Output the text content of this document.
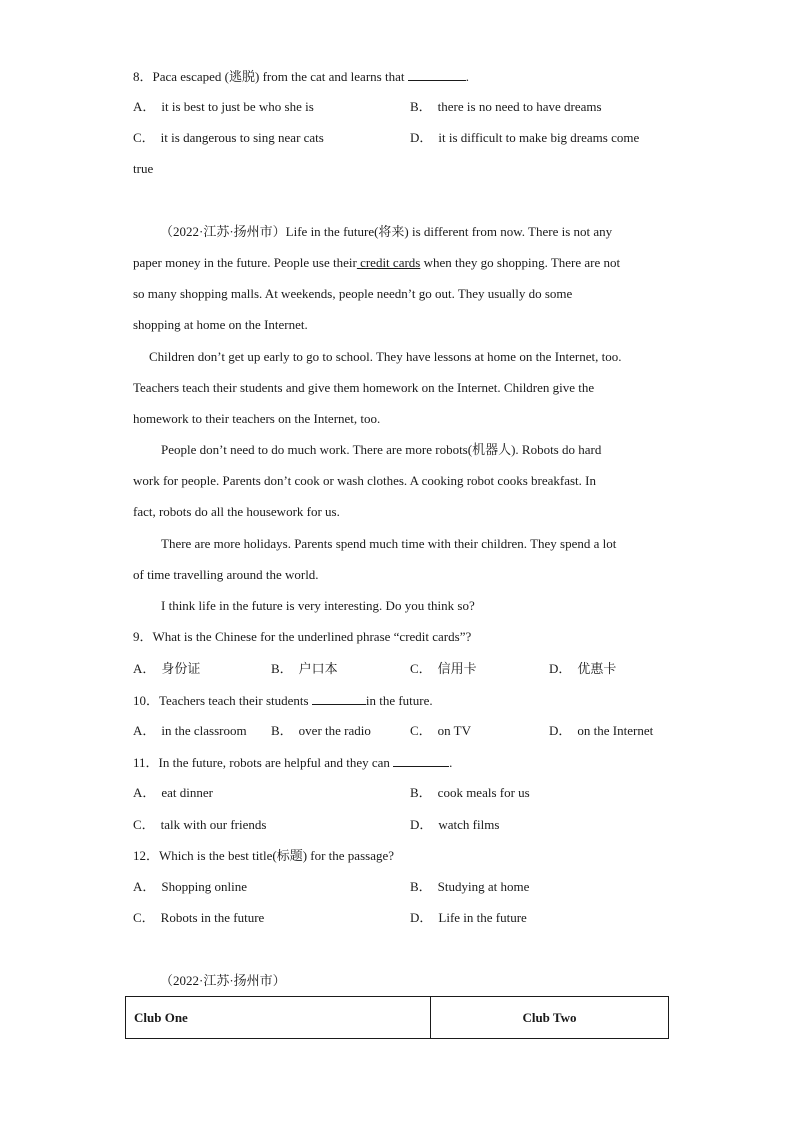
8．Paca escaped (逃脱) from the cat and learns that	.
A． it is best to just be who she is	B． there is no need to have dreams
C． it is dangerous to sing near cats	D． it is difficult to make big dreams come
true
（2022·江苏·扬州市）Life in the future(将来) is different from now. There is not any
paper money in the future. People use their credit cards when they go shopping. There are not
so many shopping malls. At weekends, people needn’t go out. They usually do some
shopping at home on the Internet.
Children don’t get up early to go to school. They have lessons at home on the Internet, too.
Teachers teach their students and give them homework on the Internet. Children give the
homework to their teachers on the Internet, too.
People don’t need to do much work. There are more robots(机器人). Robots do hard
work for people. Parents don’t cook or wash clothes. A cooking robot cooks breakfast. In
fact, robots do all the housework for us.
There are more holidays. Parents spend much time with their children. They spend a lot
of time travelling around the world.
I think life in the future is very interesting. Do you think so?
9．What is the Chinese for the underlined phrase “credit cards”?
A． 身份证	B． 户口本	C． 信用卡	D． 优惠卡
10．Teachers teach their students	in the future.
A． in the classroom B． over the radio	C． on TV	D． on the Internet
11．In the future, robots are helpful and they can	.
A． eat dinner	B． cook meals for us
C． talk with our friends	D． watch films
12．Which is the best title(标题) for the passage?
A． Shopping online	B． Studying at home
C． Robots in the future	D． Life in the future
（2022·江苏·扬州市）
Club One	Club Two
